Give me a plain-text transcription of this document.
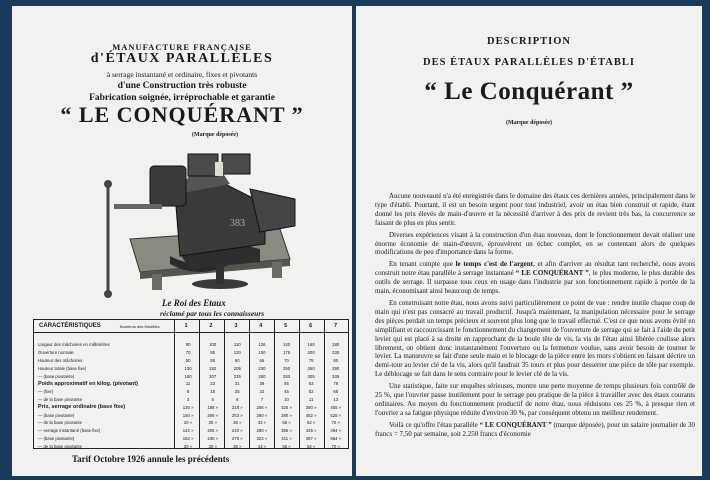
MANUFACTURE FRANÇAISE
d'ÉTAUX PARALLÈLES
à serrage instantané et ordinaire, fixes et pivotants
d'une Construction très robuste
Fabrication soignée, irréprochable et garantie
“ LE CONQUÉRANT ”
(Marque déposée)
383
Le Roi des Etaux
réclamé par tous les connaisseurs
CARACTÉRISTIQUES	Numéros des Modèles	1	2	3	4	5	6	7
Largeur des mâchoires en millimètres	90	100	110	126	140	160	180
Ouverture normale	70	95	120	150	175	200	230
Hauteur des mâchoires	50	55	60	65	70	75	80
Hauteur totale (base fixe)	130	182	205	230	250	260	290
— (base pivotante)	160	207	235	260	283	305	335
Poids approximatif en kilog. (pivotant)	11	23	31	39	55	63	78
— (fixe)	8	18	25	32	45	52	65
— de la base pivotante	3	5	6	7	10	11	13
Prix, serrage ordinaire (base fixe)	130 »	188 »	218 »	256 »	325 »	390 »	455 »
— (base pivotante)	150 »	206 »	253 »	290 »	380 »	452 »	525 »
— de la base pivotante	20 »	30 »	35 »	43 »	55 »	62 »	70 »
— serrage instantané (base fixe)	142 »	206 »	240 »	280 »	356 »	425 »	494 »
— (base pivotante)	162 »	236 »	275 »	323 »	411 »	487 »	564 »
— de la base pivotante	20 »	30 »	35 »	43 »	55 »	62 »	70 »
Tarif Octobre 1926 annule les précédents
DESCRIPTION
DES ÉTAUX PARALLÈLES D'ÉTABLI
“ Le Conquérant ”
(Marque déposée)

Aucune nouveauté n'a été enregistrée dans le domaine des étaux ces dernières années, principalement dans le type d'établi. Pourtant, il est un besoin urgent pour tout industriel, avoir un étau bien construit et rapide, étant donné les prix élevés de main-d'œuvre et la nécessité d'arriver à des prix de revient très bas, la concurrence se faisant de plus en plus sentir.

Diverses expériences visant à la construction d'un étau nouveau, dont le fonctionnement devait réaliser une énorme économie de main-d'œuvre, éprouvèrent un échec complet, en se contentant alors de quelques modifications de peu d'importance dans la forme.

En tenant compte que le temps c'est de l'argent, et afin d'arriver au résultat tant recherché, nous avons construit notre étau parallèle à serrage instantané “ LE CONQUÉRANT ”, le plus moderne, le plus durable des outils de serrage. Il surpasse tous ceux en usage dans l'industrie par son fonctionnement rapide à portée de la main, économisant ainsi beaucoup de temps.

En construisant notre étau, nous avons suivi particulièrement ce point de vue : rendre inutile chaque coup de main qui n'est pas consacré au travail productif. Jusqu'à maintenant, la manipulation nécessaire pour le serrage des pièces perdait un temps précieux et souvent plus long que le travail effectué. C'est ce que nous avons évité en simplifiant et raccourcissant le fonctionnement du changement de l'ouverture de serrage qui se fait à l'aide du petit levier qui est placé à sa droite en rapprochant de la boule tête de vis, la vis de l'étau ainsi libérée coulisse alors librement, on obtient donc instantanément l'ouverture ou la fermeture voulue, sans avoir besoin de tourner le levier. La manœuvre se fait d'une seule main et le blocage de la pièce entre les mors s'obtient en faisant décrire un demi-tour au levier clé de la vis, alors qu'il faudrait 35 tours et plus pour desserrer une pièce de tôle par exemple. Le déblocage se fait dans le sens contraire pour le levier clé de la vis.

Une statistique, faite sur enquêtes sérieuses, montre une perte moyenne de temps plusieurs fois contrôlé de 25 %, que l'ouvrier passe inutilement pour le serrage peu pratique de la pièce à travailler avec des étaux courants ordinaires. Au moyen du fonctionnement productif de notre étau, nous réduisons ces 25 %, à presque rien et l'ouvrier a sa fatigue physique réduite d'environ 30 %, par conséquent obtenu un meilleur rendement.

Voilà ce qu'offre l'étau parallèle “ LE CONQUÉRANT ” (marque déposée), pour un salaire journalier de 30 francs = 7,50 par semaine, soit 2.250 francs d'économie
